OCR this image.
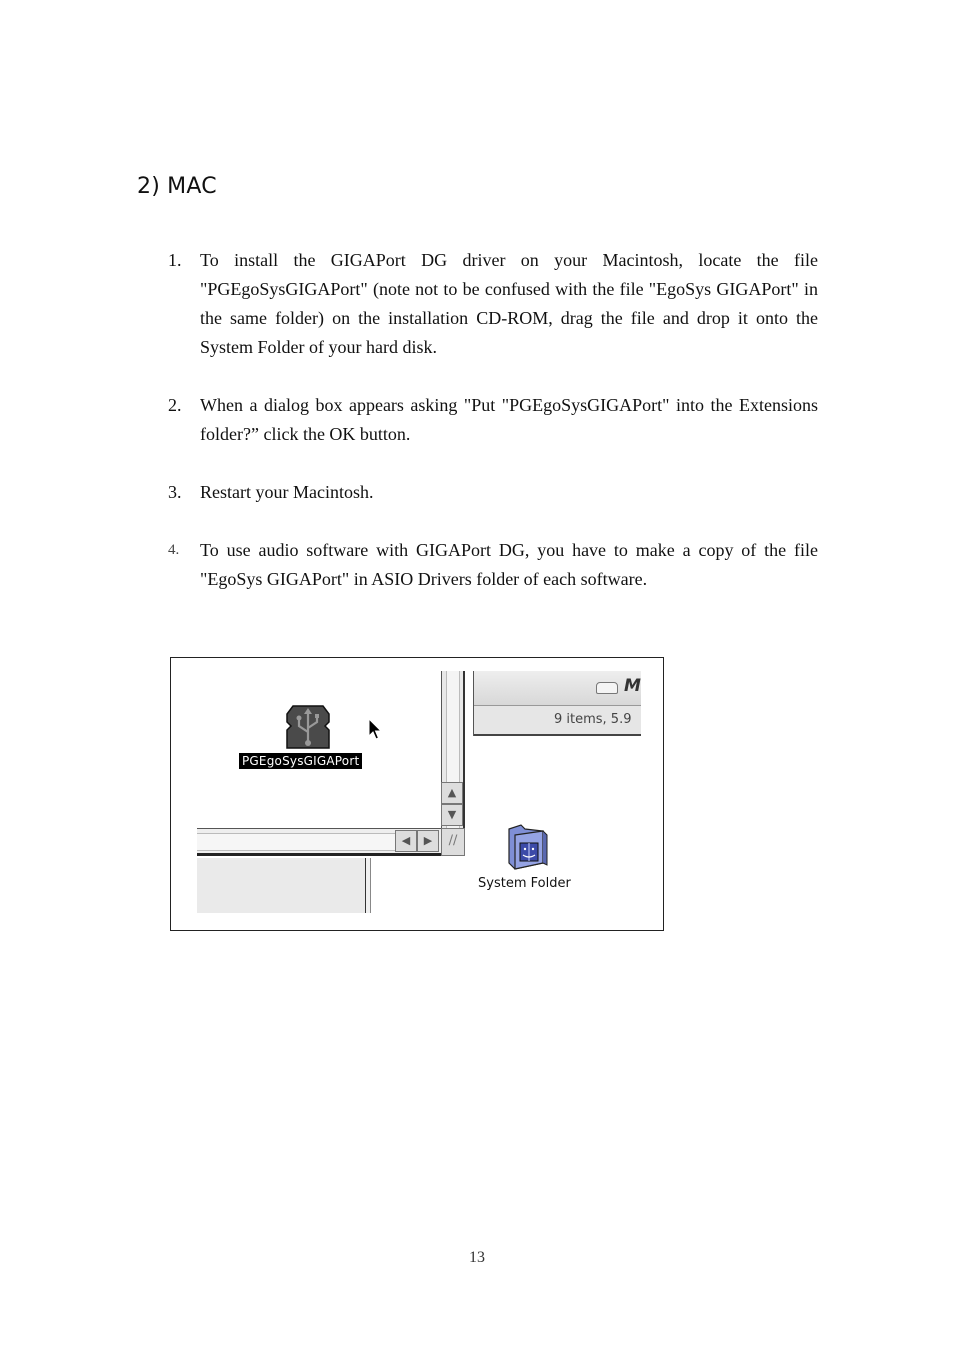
2) MAC
1. To install the GIGAPort DG driver on your Macintosh, locate the file "PGEgoSysGIGAPort" (note not to be confused with the file "EgoSys GIGAPort" in the same folder) on the installation CD-ROM, drag the file and drop it onto the System Folder of your hard disk.
2. When a dialog box appears asking "Put "PGEgoSysGIGAPort" into the Extensions folder?” click the OK button.
3. Restart your Macintosh.
4. To use audio software with GIGAPort DG, you have to make a copy of the file "EgoSys GIGAPort" in ASIO Drivers folder of each software.
▲
▼
◀	▶	∕∕
M
9 items, 5.9
PGEgoSysGIGAPort
System Folder
13
